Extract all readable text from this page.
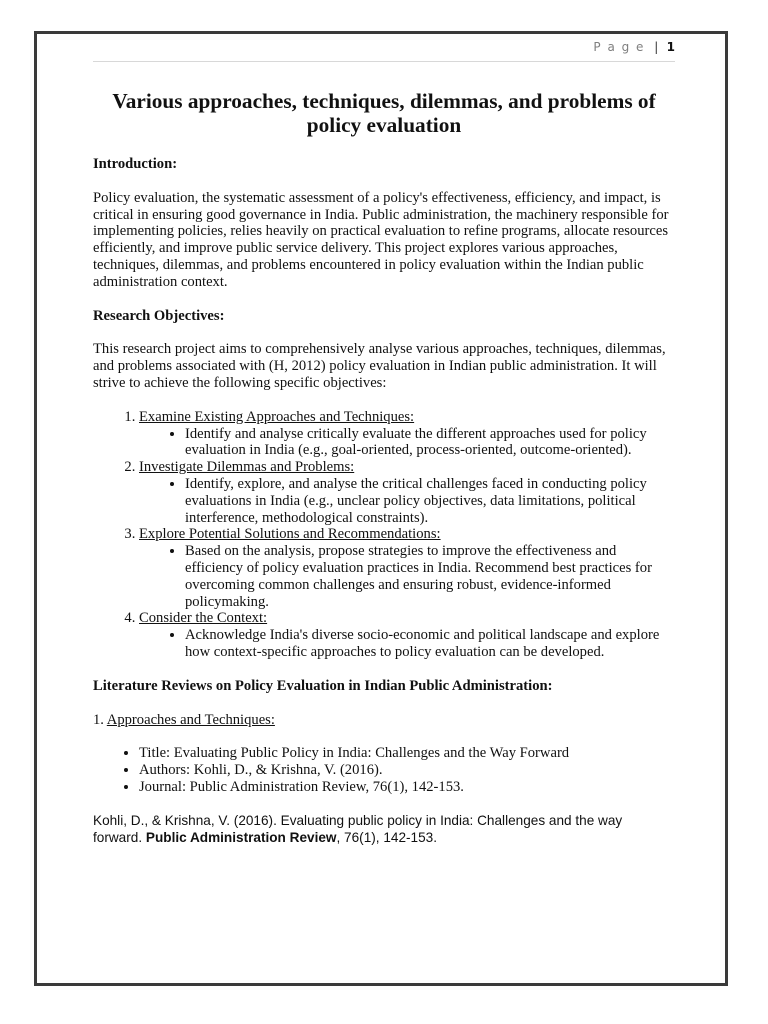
P a g e | 1
Various approaches, techniques, dilemmas, and problems of policy evaluation

Introduction:

Policy evaluation, the systematic assessment of a policy's effectiveness, efficiency, and impact, is critical in ensuring good governance in India. Public administration, the machinery responsible for implementing policies, relies heavily on practical evaluation to refine programs, allocate resources efficiently, and improve public service delivery. This project explores various approaches, techniques, dilemmas, and problems encountered in policy evaluation within the Indian public administration context.

Research Objectives:

This research project aims to comprehensively analyse various approaches, techniques, dilemmas, and problems associated with (H, 2012) policy evaluation in Indian public administration. It will strive to achieve the following specific objectives:

1. Examine Existing Approaches and Techniques:
• Identify and analyse critically evaluate the different approaches used for policy evaluation in India (e.g., goal-oriented, process-oriented, outcome-oriented).
2. Investigate Dilemmas and Problems:
• Identify, explore, and analyse the critical challenges faced in conducting policy evaluations in India (e.g., unclear policy objectives, data limitations, political interference, methodological constraints).
3. Explore Potential Solutions and Recommendations:
• Based on the analysis, propose strategies to improve the effectiveness and efficiency of policy evaluation practices in India. Recommend best practices for overcoming common challenges and ensuring robust, evidence-informed policymaking.
4. Consider the Context:
• Acknowledge India's diverse socio-economic and political landscape and explore how context-specific approaches to policy evaluation can be developed.

Literature Reviews on Policy Evaluation in Indian Public Administration:

1. Approaches and Techniques:

• Title: Evaluating Public Policy in India: Challenges and the Way Forward
• Authors: Kohli, D., & Krishna, V. (2016).
• Journal: Public Administration Review, 76(1), 142-153.

Kohli, D., & Krishna, V. (2016). Evaluating public policy in India: Challenges and the way forward. Public Administration Review, 76(1), 142-153.
